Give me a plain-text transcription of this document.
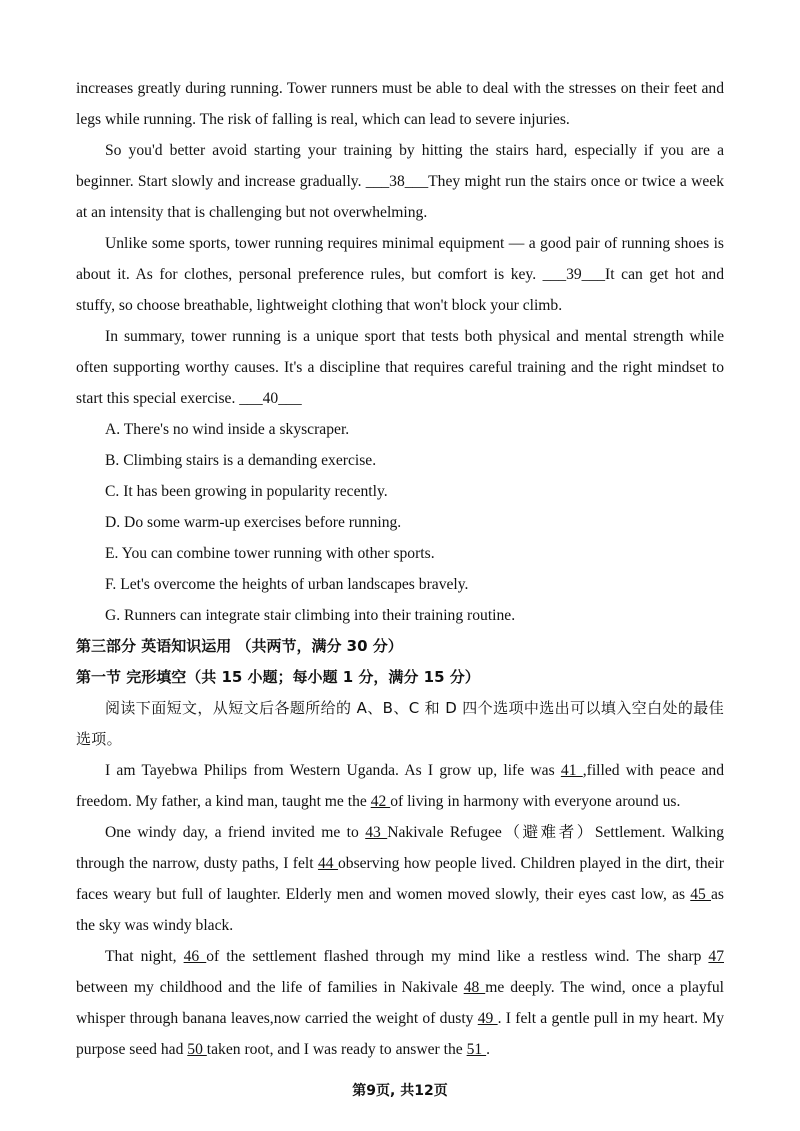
increases greatly during running. Tower runners must be able to deal with the stresses on their feet and legs while running. The risk of falling is real, which can lead to severe injuries.

So you'd better avoid starting your training by hitting the stairs hard, especially if you are a beginner. Start slowly and increase gradually. ___38___They might run the stairs once or twice a week at an intensity that is challenging but not overwhelming.

Unlike some sports, tower running requires minimal equipment — a good pair of running shoes is about it. As for clothes, personal preference rules, but comfort is key. ___39___It can get hot and stuffy, so choose breathable, lightweight clothing that won't block your climb.

In summary, tower running is a unique sport that tests both physical and mental strength while often supporting worthy causes. It's a discipline that requires careful training and the right mindset to start this special exercise. ___40___

A. There's no wind inside a skyscraper.

B. Climbing stairs is a demanding exercise.

C. It has been growing in popularity recently.

D. Do some warm-up exercises before running.

E. You can combine tower running with other sports.

F. Let's overcome the heights of urban landscapes bravely.

G. Runners can integrate stair climbing into their training routine.

第三部分 英语知识运用 （共两节，满分 30 分）

第一节 完形填空（共 15 小题；每小题 1 分，满分 15 分）

阅读下面短文，从短文后各题所给的 A、B、C 和 D 四个选项中选出可以填入空白处的最佳选项。

I am Tayebwa Philips from Western Uganda. As I grow up, life was 41 ,filled with peace and freedom. My father, a kind man, taught me the 42 of living in harmony with everyone around us.

One windy day, a friend invited me to 43 Nakivale Refugee（避难者）Settlement. Walking through the narrow, dusty paths, I felt 44 observing how people lived. Children played in the dirt, their faces weary but full of laughter. Elderly men and women moved slowly, their eyes cast low, as 45 as the sky was windy black.

That night, 46 of the settlement flashed through my mind like a restless wind. The sharp 47 between my childhood and the life of families in Nakivale 48 me deeply. The wind, once a playful whisper through banana leaves,now carried the weight of dusty 49 . I felt a gentle pull in my heart. My purpose seed had 50 taken root, and I was ready to answer the 51 .

第9页, 共12页
